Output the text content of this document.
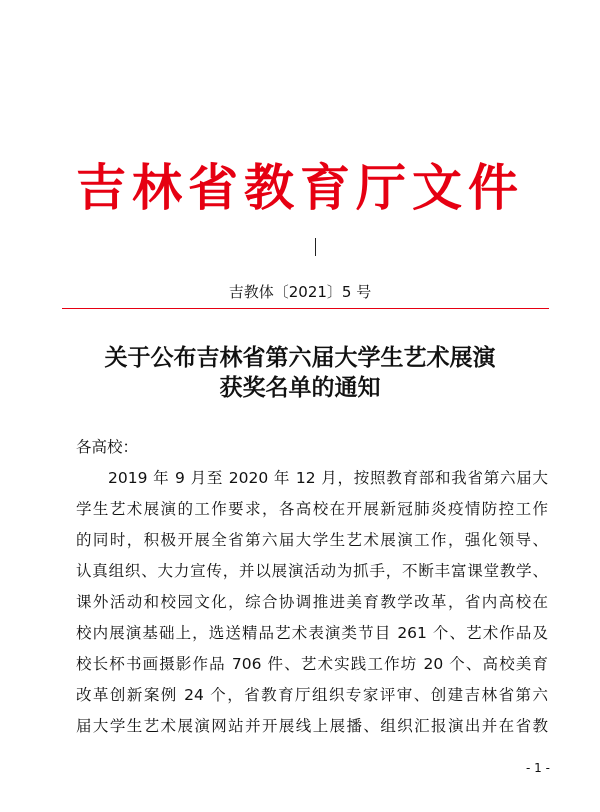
吉林省教育厅文件
吉教体〔2021〕5 号
关于公布吉林省第六届大学生艺术展演
获奖名单的通知
各高校：
2019 年 9 月至 2020 年 12 月，按照教育部和我省第六届大
学生艺术展演的工作要求，各高校在开展新冠肺炎疫情防控工作
的同时，积极开展全省第六届大学生艺术展演工作，强化领导、
认真组织、大力宣传，并以展演活动为抓手，不断丰富课堂教学、
课外活动和校园文化，综合协调推进美育教学改革，省内高校在
校内展演基础上，选送精品艺术表演类节目 261 个、艺术作品及
校长杯书画摄影作品 706 件、艺术实践工作坊 20 个、高校美育
改革创新案例 24 个，省教育厅组织专家评审、创建吉林省第六
届大学生艺术展演网站并开展线上展播、组织汇报演出并在省教
- 1 -
